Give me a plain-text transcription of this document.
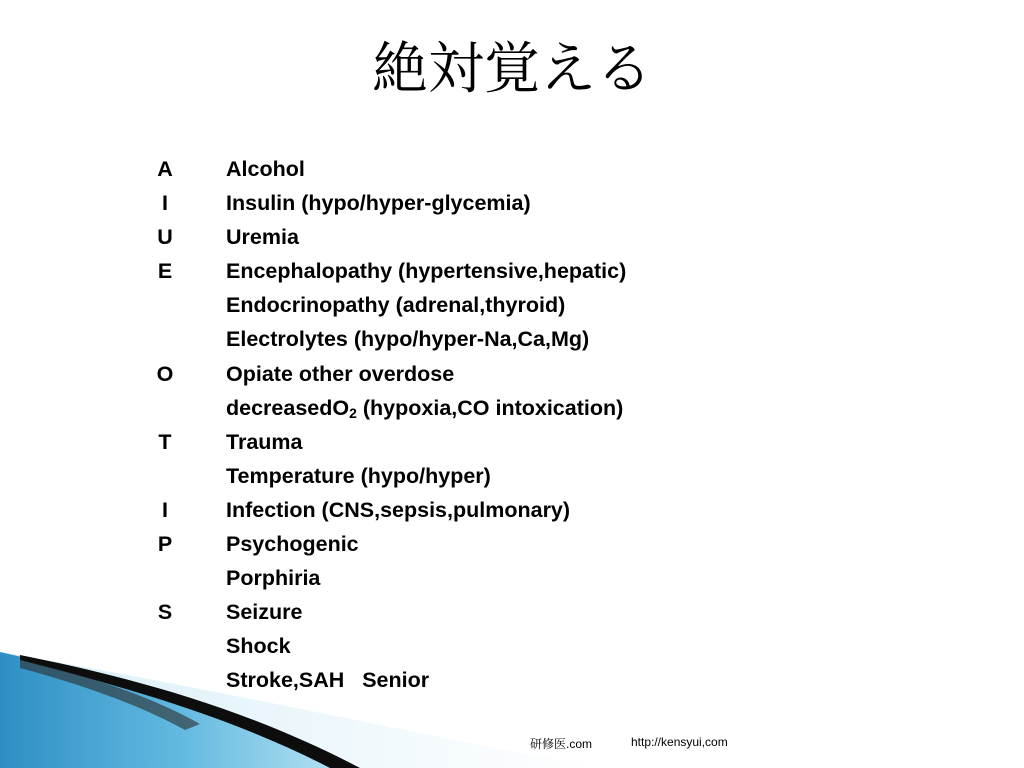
絶対覚える
A Alcohol
I	Insulin (hypo/hyper-glycemia)
U Uremia
E	Encephalopathy (hypertensive,hepatic)
Endocrinopathy (adrenal,thyroid)
Electrolytes (hypo/hyper-Na,Ca,Mg)
O Opiate other overdose
decreasedO$_2$ (hypoxia,CO intoxication)
T	Trauma
Temperature (hypo/hyper)
I	Infection (CNS,sepsis,pulmonary)
P	Psychogenic
Porphiria
S	Seizure
Shock
Stroke,SAH   Senior
研修医.com	http://kensyui,com
